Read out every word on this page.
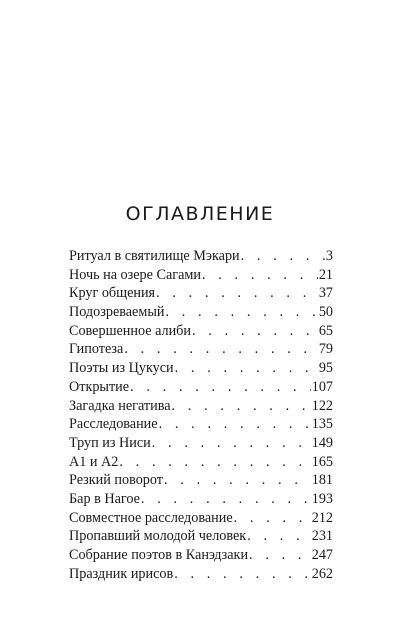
ОГЛАВЛЕНИЕ
Ритуал в святилище Мэкари . . .	3
Ночь на озере Сагами . . .	21
Круг общения . . .	37
Подозреваемый . . .	50
Совершенное алиби . . .	65
Гипотеза . . .	79
Поэты из Цукуси . . .	95
Открытие . . .	107
Загадка негатива . . .	122
Расследование . . .	135
Труп из Ниси . . .	149
А1 и А2 . . .	165
Резкий поворот . . .	181
Бар в Нагое . . .	193
Совместное расследование . . .	212
Пропавший молодой человек . . .	231
Собрание поэтов в Канэдзаки . . .	247
Праздник ирисов . . .	262
